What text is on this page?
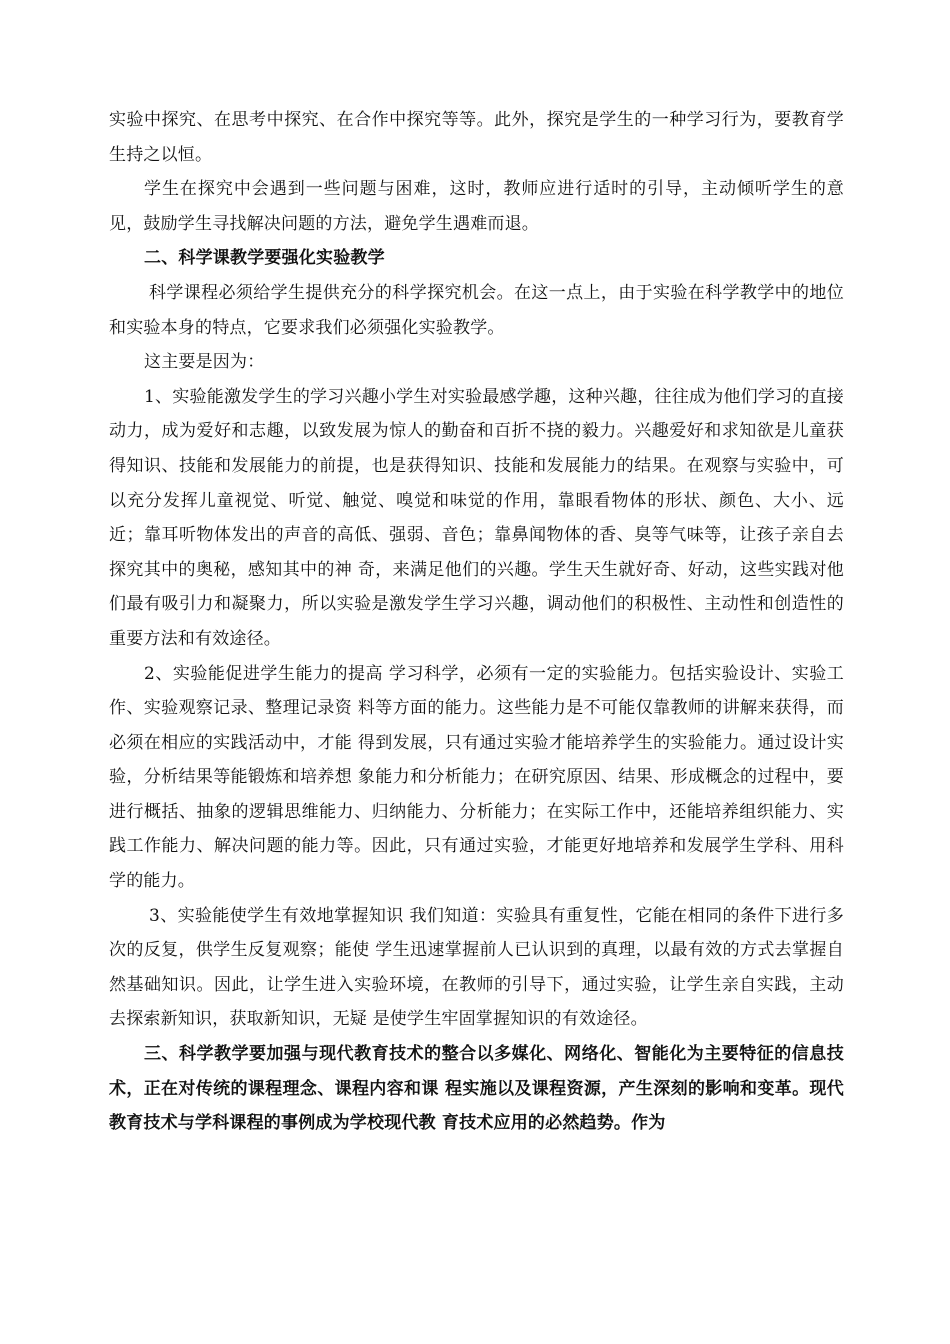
实验中探究、在思考中探究、在合作中探究等等。此外，探究是学生的一种学习行为，要教育学生持之以恒。

学生在探究中会遇到一些问题与困难，这时，教师应进行适时的引导，主动倾听学生的意见，鼓励学生寻找解决问题的方法，避免学生遇难而退。

二、科学课教学要强化实验教学

科学课程必须给学生提供充分的科学探究机会。在这一点上，由于实验在科学教学中的地位和实验本身的特点，它要求我们必须强化实验教学。

这主要是因为：

1、实验能激发学生的学习兴趣小学生对实验最感学趣，这种兴趣，往往成为他们学习的直接动力，成为爱好和志趣，以致发展为惊人的勤奋和百折不挠的毅力。兴趣爱好和求知欲是儿童获得知识、技能和发展能力的前提，也是获得知识、技能和发展能力的结果。在观察与实验中，可以充分发挥儿童视觉、听觉、触觉、嗅觉和味觉的作用，靠眼看物体的形状、颜色、大小、远近；靠耳听物体发出的声音的高低、强弱、音色；靠鼻闻物体的香、臭等气味等，让孩子亲自去探究其中的奥秘，感知其中的神 奇，来满足他们的兴趣。学生天生就好奇、好动，这些实践对他们最有吸引力和凝聚力，所以实验是激发学生学习兴趣，调动他们的积极性、主动性和创造性的重要方法和有效途径。

2、实验能促进学生能力的提高 学习科学，必须有一定的实验能力。包括实验设计、实验工作、实验观察记录、整理记录资 料等方面的能力。这些能力是不可能仅靠教师的讲解来获得，而必须在相应的实践活动中，才能 得到发展，只有通过实验才能培养学生的实验能力。通过设计实验，分析结果等能锻炼和培养想 象能力和分析能力；在研究原因、结果、形成概念的过程中，要进行概括、抽象的逻辑思维能力、归纳能力、分析能力；在实际工作中，还能培养组织能力、实践工作能力、解决问题的能力等。因此，只有通过实验，才能更好地培养和发展学生学科、用科学的能力。

3、实验能使学生有效地掌握知识 我们知道：实验具有重复性，它能在相同的条件下进行多次的反复，供学生反复观察；能使 学生迅速掌握前人已认识到的真理，以最有效的方式去掌握自然基础知识。因此，让学生进入实验环境，在教师的引导下，通过实验，让学生亲自实践，主动去探索新知识，获取新知识，无疑 是使学生牢固掌握知识的有效途径。

三、科学教学要加强与现代教育技术的整合以多媒化、网络化、智能化为主要特征的信息技术，正在对传统的课程理念、课程内容和课 程实施以及课程资源，产生深刻的影响和变革。现代教育技术与学科课程的事例成为学校现代教 育技术应用的必然趋势。作为
